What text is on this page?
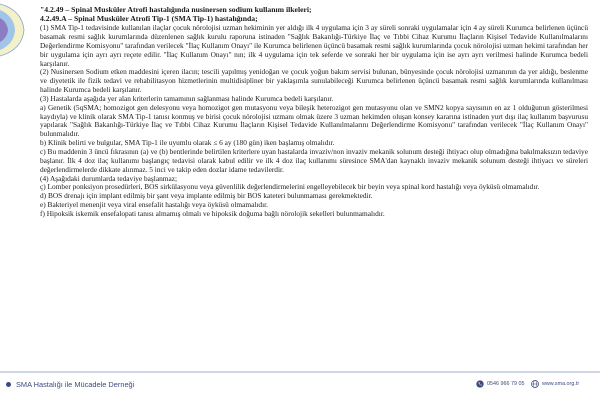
"4.2.49 – Spinal Musküler Atrofi hastalığında nusinersen sodium kullanım ilkeleri;

4.2.49.A – Spinal Musküler Atrofi Tip-1 (SMA Tip-1) hastalığında;

(1) SMA Tip-1 tedavisinde kullanılan ilaçlar çocuk nörolojisi uzman hekiminin yer aldığı ilk 4 uygulama için 3 ay süreli sonraki uygulamalar için 4 ay süreli Kurumca belirlenen üçüncü basamak resmi sağlık kurumlarında düzenlenen sağlık kurulu raporuna istinaden "Sağlık Bakanlığı-Türkiye İlaç ve Tıbbi Cihaz Kurumu İlaçların Kişisel Tedavide Kullanılmalarını Değerlendirme Komisyonu" tarafından verilecek "İlaç Kullanım Onayı" ile Kurumca belirlenen üçüncü basamak resmi sağlık kurumlarında çocuk nörolojisi uzman hekimi tarafından her bir uygulama için ayrı ayrı reçete edilir. "İlaç Kullanım Onayı" nın; ilk 4 uygulama için tek seferde ve sonraki her bir uygulama için ise ayrı ayrı verilmesi halinde Kurumca bedeli karşılanır.

(2) Nusinersen Sodium etken maddesini içeren ilacın; tescili yapılmış yenidoğan ve çocuk yoğun bakım servisi bulunan, bünyesinde çocuk nörolojisi uzmanının da yer aldığı, beslenme ve diyetetik ile fizik tedavi ve rehabilitasyon hizmetlerinin multidisipliner bir yaklaşımla sunulabileceği Kurumca belirlenen üçüncü basamak resmi sağlık kurumlarında kullanılması halinde Kurumca bedeli karşılanır.

(3) Hastalarda aşağıda yer alan kriterlerin tamamının sağlanması halinde Kurumca bedeli karşılanır.

a) Genetik (5qSMA; homozigot gen delesyonu veya homozigot gen mutasyonu veya bileşik heterozigot gen mutasyonu olan ve SMN2 kopya sayısının en az 1 olduğunun gösterilmesi kaydıyla) ve klinik olarak SMA Tip-1 tanısı konmuş ve birisi çocuk nörolojisi uzmanı olmak üzere 3 uzman hekimden oluşan konsey kararına istinaden yurt dışı ilaç kullanım başvurusu yapılarak "Sağlık Bakanlığı-Türkiye İlaç ve Tıbbi Cihaz Kurumu İlaçların Kişisel Tedavide Kullanılmalarını Değerlendirme Komisyonu" tarafından verilecek "İlaç Kullanım Onayı" bulunmalıdır.

b) Klinik belirti ve bulgular, SMA Tip-1 ile uyumlu olarak ≤ 6 ay (180 gün) iken başlamış olmalıdır.

c) Bu maddenin 3 üncü fıkrasının (a) ve (b) bentlerinde belirtilen kriterlere uyan hastalarda invaziv/non invaziv mekanik solunum desteği ihtiyacı olup olmadığına bakılmaksızın tedaviye başlanır. İlk 4 doz ilaç kullanımı başlangıç tedavisi olarak kabul edilir ve ilk 4 doz ilaç kullanımı süresince SMA'dan kaynaklı invaziv mekanik solunum desteği ihtiyacı ve süreleri değerlendirmelerde dikkate alınmaz. 5 inci ve takip eden dozlar idame tedavilerdir.

(4) Aşağıdaki durumlarda tedaviye başlanmaz;

ç) Lomber ponksiyon prosedürleri, BOS sirkülasyonu veya güvenlilik değerlendirmelerini engelleyebilecek bir beyin veya spinal kord hastalığı veya öyküsü olmamalıdır.

d) BOS drenajı için implant edilmiş bir şant veya implante edilmiş bir BOS kateteri bulunmaması gerekmektedir.

e) Bakteriyel menenjit veya viral ensefalit hastalığı veya öyküsü olmamalıdır.

f) Hipoksik iskemik ensefalopati tanısı almamış olmalı ve hipoksik doğuma bağlı nörolojik sekelleri bulunmamalıdır.

SMA Hastalığı ile Mücadele Derneği	0546 966 79 05	www.sma.org.tr
